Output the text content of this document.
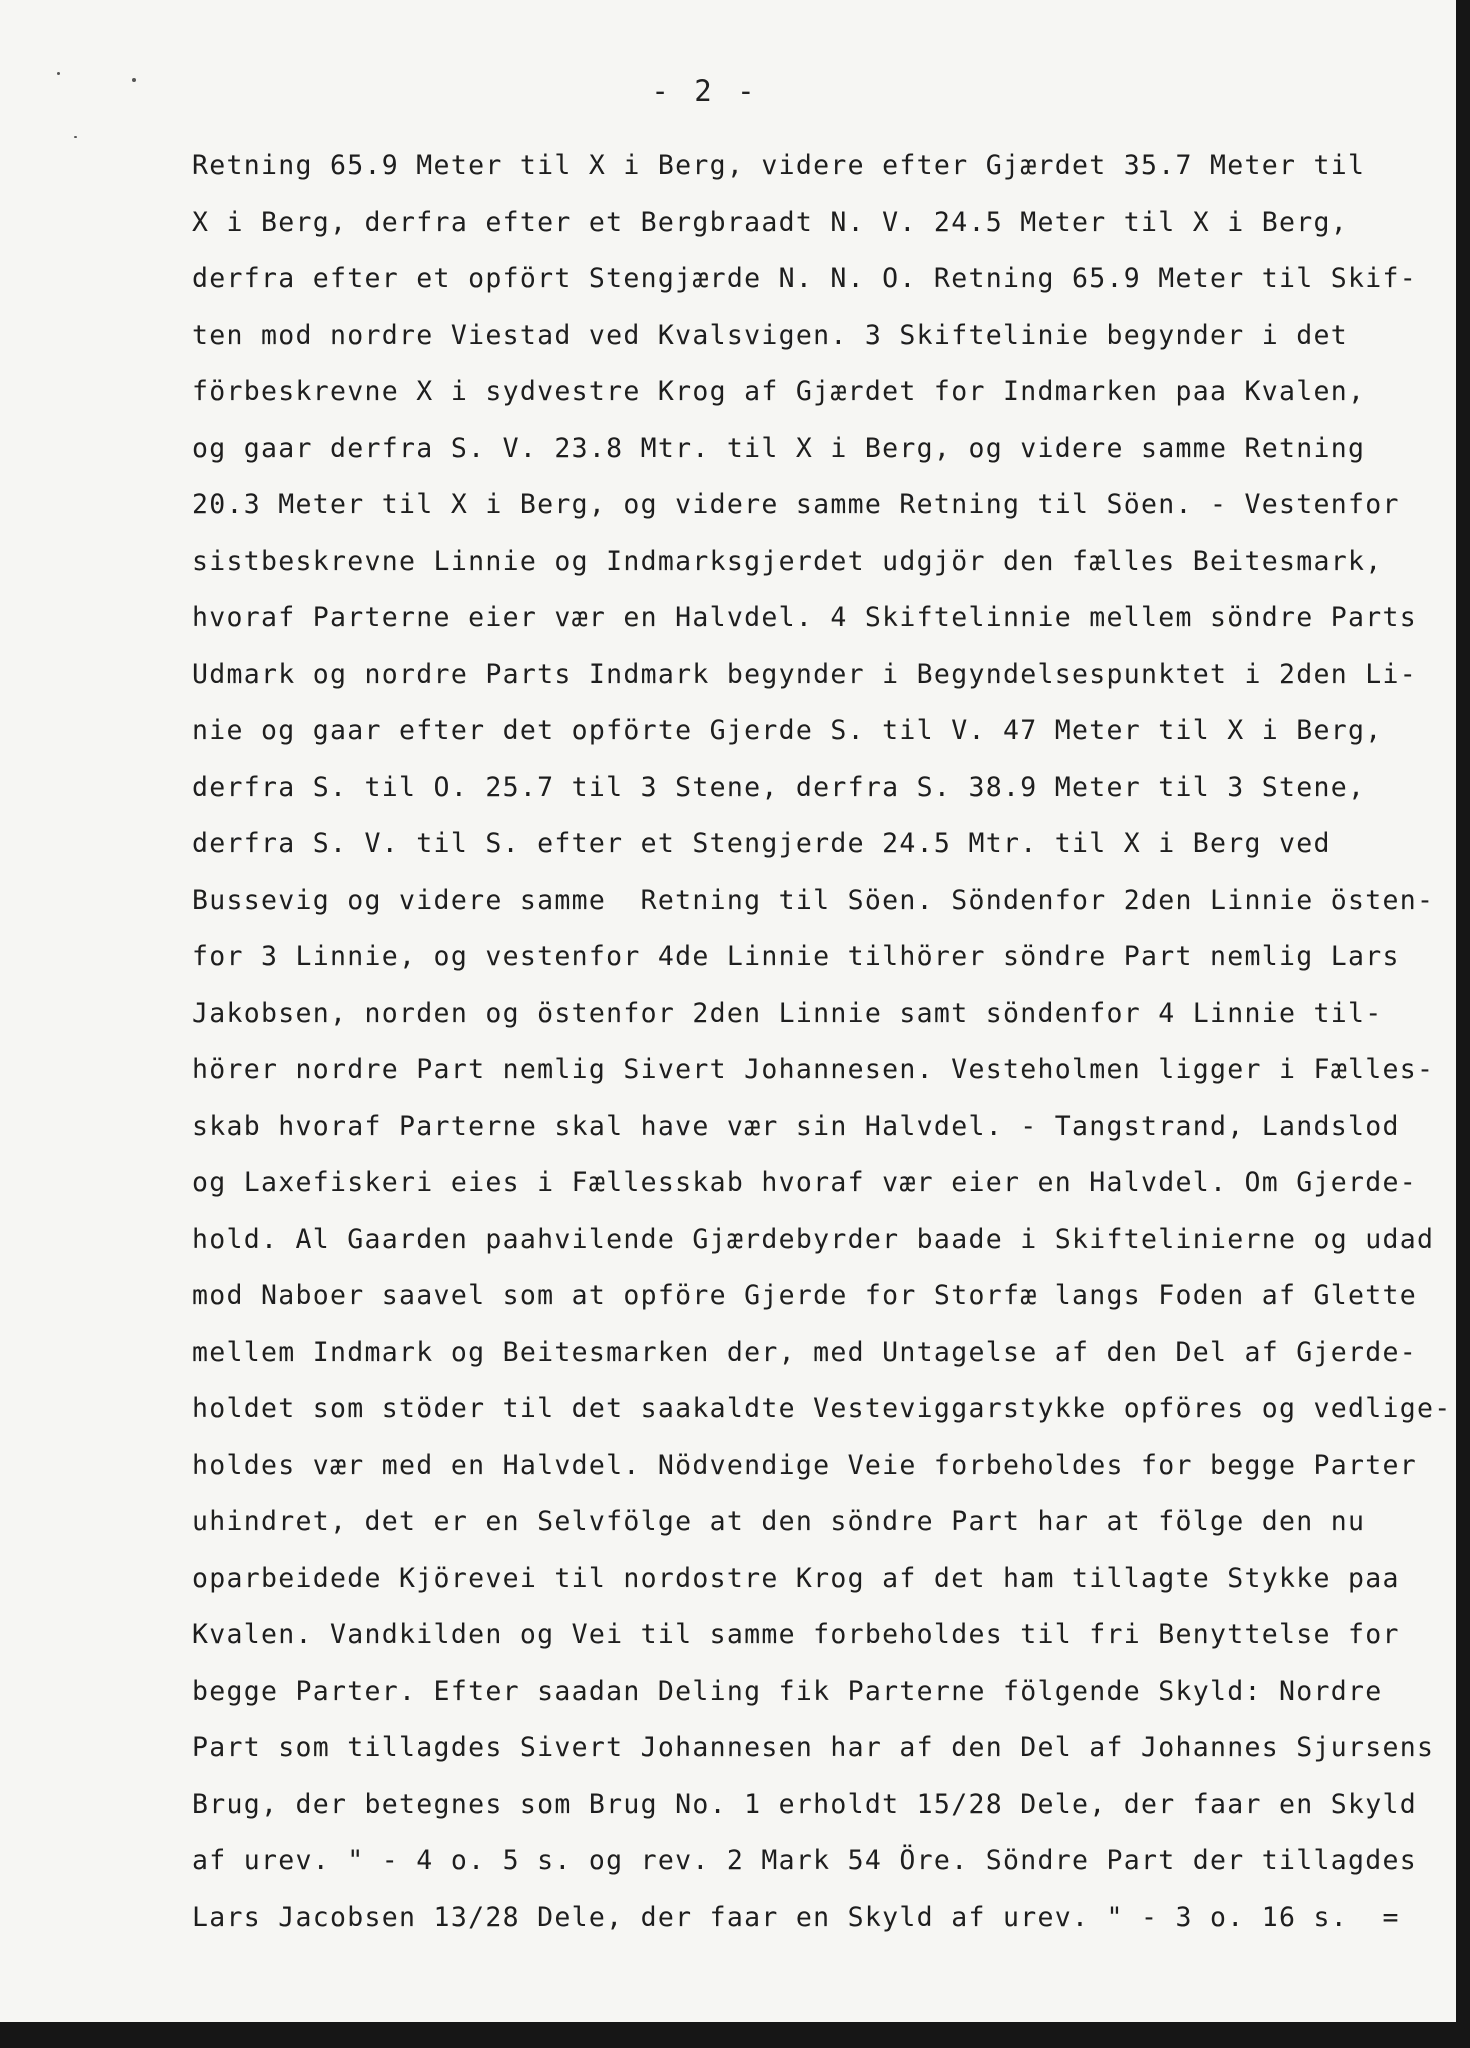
- 2 -
Retning 65.9 Meter til X i Berg, videre efter Gjærdet 35.7 Meter til
X i Berg, derfra efter et Bergbraadt N. V. 24.5 Meter til X i Berg,
derfra efter et opfört Stengjærde N. N. O. Retning 65.9 Meter til Skif-
ten mod nordre Viestad ved Kvalsvigen. 3 Skiftelinie begynder i det
förbeskrevne X i sydvestre Krog af Gjærdet for Indmarken paa Kvalen,
og gaar derfra S. V. 23.8 Mtr. til X i Berg, og videre samme Retning
20.3 Meter til X i Berg, og videre samme Retning til Söen. - Vestenfor
sistbeskrevne Linnie og Indmarksgjerdet udgjör den fælles Beitesmark,
hvoraf Parterne eier vær en Halvdel. 4 Skiftelinnie mellem söndre Parts
Udmark og nordre Parts Indmark begynder i Begyndelsespunktet i 2den Li-
nie og gaar efter det opförte Gjerde S. til V. 47 Meter til X i Berg,
derfra S. til O. 25.7 til 3 Stene, derfra S. 38.9 Meter til 3 Stene,
derfra S. V. til S. efter et Stengjerde 24.5 Mtr. til X i Berg ved
Bussevig og videre samme  Retning til Söen. Söndenfor 2den Linnie östen-
for 3 Linnie, og vestenfor 4de Linnie tilhörer söndre Part nemlig Lars
Jakobsen, norden og östenfor 2den Linnie samt söndenfor 4 Linnie til-
hörer nordre Part nemlig Sivert Johannesen. Vesteholmen ligger i Fælles-
skab hvoraf Parterne skal have vær sin Halvdel. - Tangstrand, Landslod
og Laxefiskeri eies i Fællesskab hvoraf vær eier en Halvdel. Om Gjerde-
hold. Al Gaarden paahvilende Gjærdebyrder baade i Skiftelinierne og udad
mod Naboer saavel som at opföre Gjerde for Storfæ langs Foden af Glette
mellem Indmark og Beitesmarken der, med Untagelse af den Del af Gjerde-
holdet som stöder til det saakaldte Vesteviggarstykke opföres og vedlige-
holdes vær med en Halvdel. Nödvendige Veie forbeholdes for begge Parter
uhindret, det er en Selvfölge at den söndre Part har at fölge den nu
oparbeidede Kjörevei til nordostre Krog af det ham tillagte Stykke paa
Kvalen. Vandkilden og Vei til samme forbeholdes til fri Benyttelse for
begge Parter. Efter saadan Deling fik Parterne fölgende Skyld: Nordre
Part som tillagdes Sivert Johannesen har af den Del af Johannes Sjursens
Brug, der betegnes som Brug No. 1 erholdt 15/28 Dele, der faar en Skyld
af urev. " - 4 o. 5 s. og rev. 2 Mark 54 Öre. Söndre Part der tillagdes
Lars Jacobsen 13/28 Dele, der faar en Skyld af urev. " - 3 o. 16 s.  =
